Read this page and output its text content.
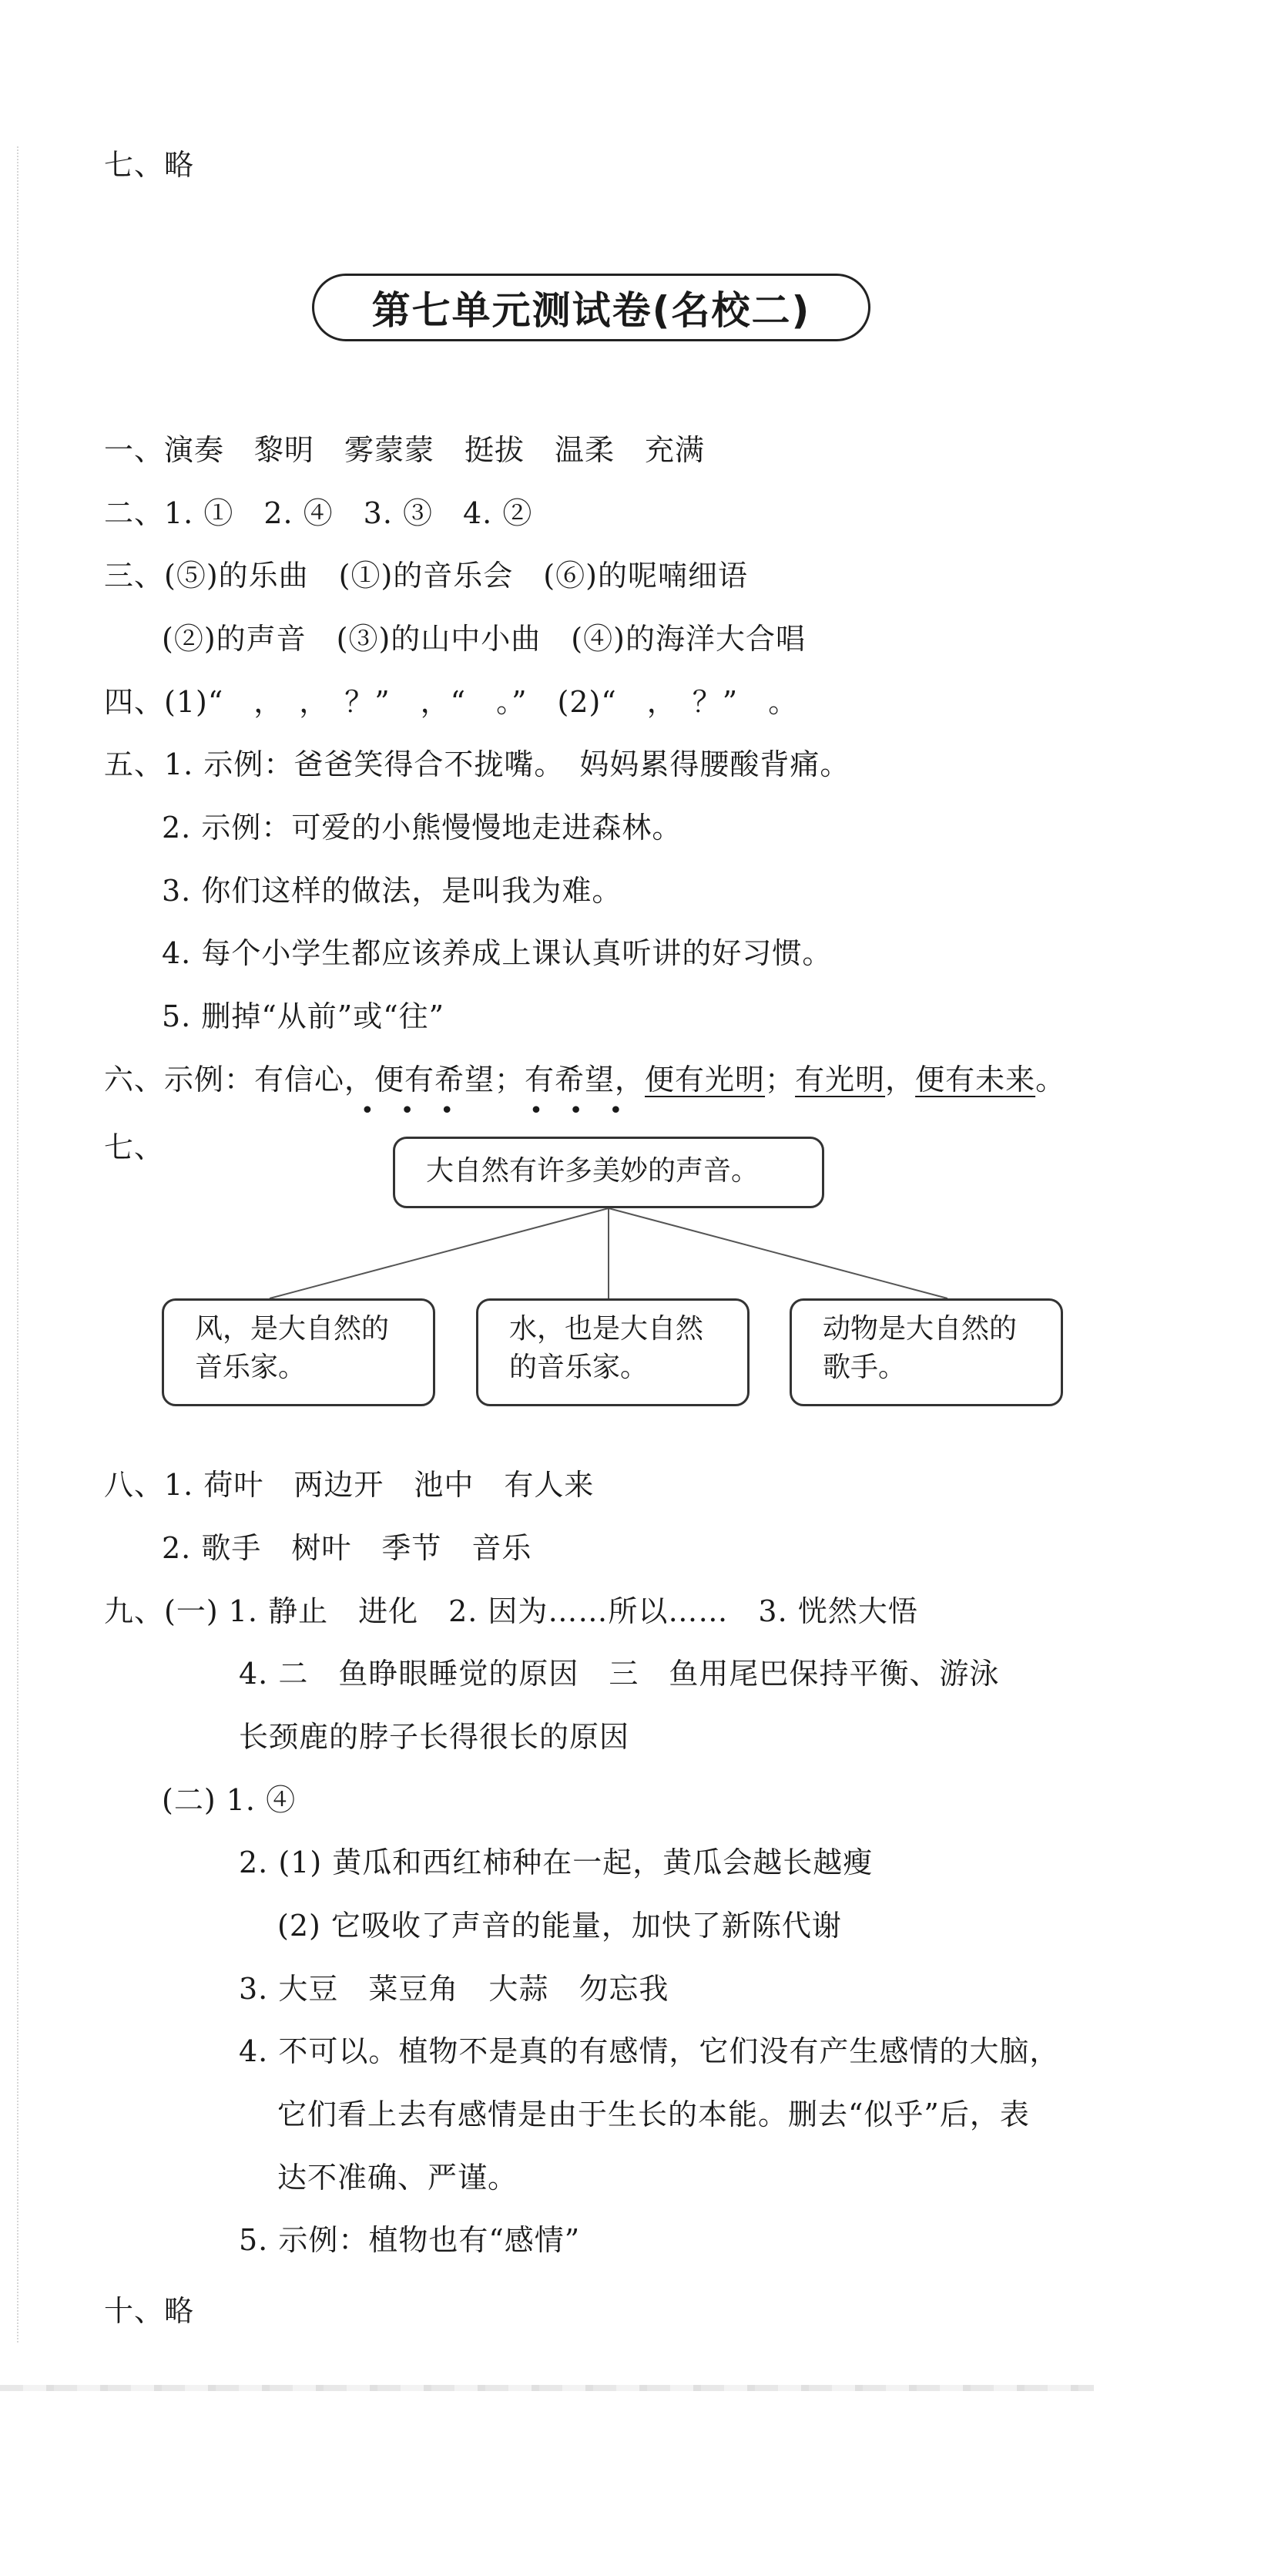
七、略
第七单元测试卷(名校二)
一、演奏　黎明　雾蒙蒙　挺拔　温柔　充满
二、1. ①　2. ④　3. ③　4. ②
三、(⑤)的乐曲　(①)的音乐会　(⑥)的呢喃细语
(②)的声音　(③)的山中小曲　(④)的海洋大合唱
四、(1)“　，　，　？”　，“　。”　(2)“　，　？”　。
五、1. 示例：爸爸笑得合不拢嘴。　妈妈累得腰酸背痛。
2. 示例：可爱的小熊慢慢地走进森林。
3. 你们这样的做法，是叫我为难。
4. 每个小学生都应该养成上课认真听讲的好习惯。
5. 删掉“从前”或“往”
六、示例：有信心，便有希望；有希望，便有光明；有光明，便有未来。
•••　•••
七、
大自然有许多美妙的声音。
风，是大自然的
音乐家。
水，也是大自然
的音乐家。
动物是大自然的
歌手。
八、1. 荷叶　两边开　池中　有人来
2. 歌手　树叶　季节　音乐
九、(一) 1. 静止　进化　2. 因为……所以……　3. 恍然大悟
4. 二　鱼睁眼睡觉的原因　三　鱼用尾巴保持平衡、游泳
长颈鹿的脖子长得很长的原因
(二) 1. ④
2. (1) 黄瓜和西红柿种在一起，黄瓜会越长越瘦
(2) 它吸收了声音的能量，加快了新陈代谢
3. 大豆　菜豆角　大蒜　勿忘我
4. 不可以。植物不是真的有感情，它们没有产生感情的大脑，
它们看上去有感情是由于生长的本能。删去“似乎”后，表
达不准确、严谨。
5. 示例：植物也有“感情”
十、略
